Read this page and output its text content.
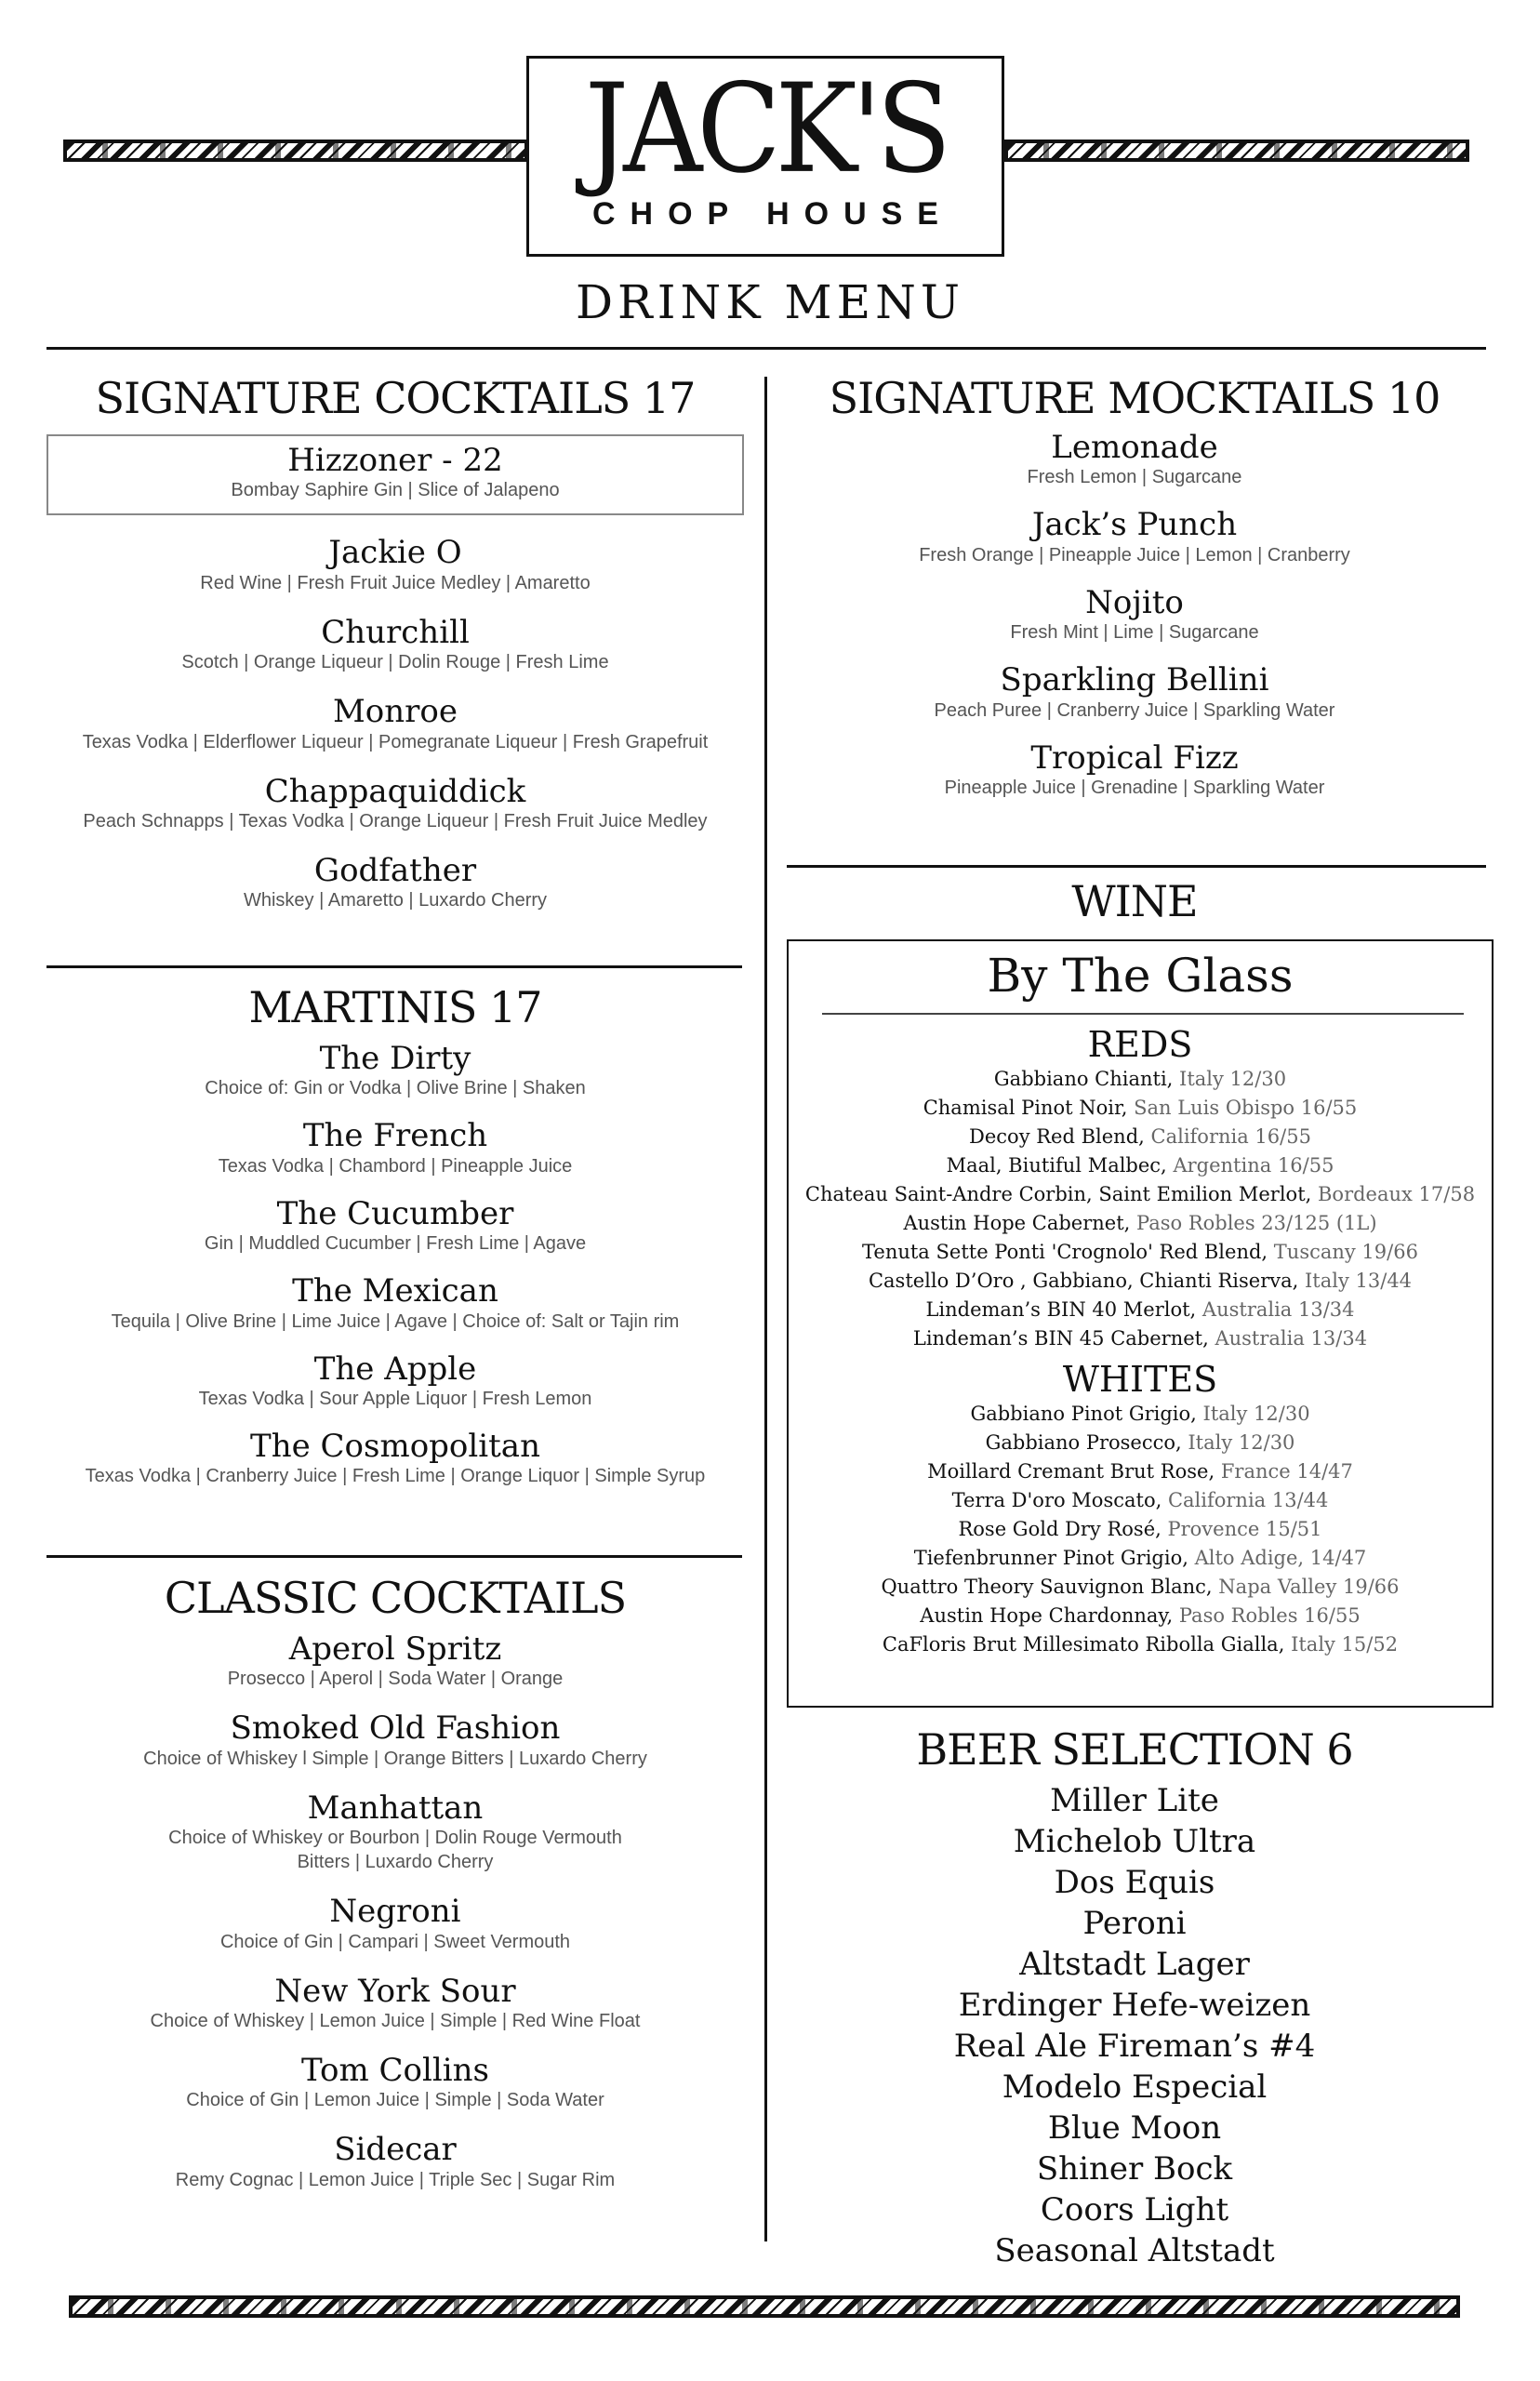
JACK'S
CHOP HOUSE
DRINK MENU
SIGNATURE COCKTAILS 17
Hizzoner - 22
Bombay Saphire Gin | Slice of Jalapeno
Jackie O
Red Wine | Fresh Fruit Juice Medley | Amaretto
Churchill
Scotch | Orange Liqueur | Dolin Rouge | Fresh Lime
Monroe
Texas Vodka | Elderflower Liqueur | Pomegranate Liqueur | Fresh Grapefruit
Chappaquiddick
Peach Schnapps | Texas Vodka | Orange Liqueur | Fresh Fruit Juice Medley
Godfather
Whiskey | Amaretto | Luxardo Cherry
MARTINIS 17
The Dirty
Choice of: Gin or Vodka | Olive Brine | Shaken
The French
Texas Vodka | Chambord | Pineapple Juice
The Cucumber
Gin | Muddled Cucumber | Fresh Lime | Agave
The Mexican
Tequila | Olive Brine | Lime Juice | Agave | Choice of: Salt or Tajin rim
The Apple
Texas Vodka | Sour Apple Liquor | Fresh Lemon
The Cosmopolitan
Texas Vodka | Cranberry Juice | Fresh Lime | Orange Liquor | Simple Syrup
CLASSIC COCKTAILS
Aperol Spritz
Prosecco | Aperol | Soda Water | Orange
Smoked Old Fashion
Choice of Whiskey l Simple | Orange Bitters | Luxardo Cherry
Manhattan
Choice of Whiskey or Bourbon | Dolin Rouge Vermouth
Bitters | Luxardo Cherry
Negroni
Choice of Gin | Campari | Sweet Vermouth
New York Sour
Choice of Whiskey | Lemon Juice | Simple | Red Wine Float
Tom Collins
Choice of Gin | Lemon Juice | Simple | Soda Water
Sidecar
Remy Cognac | Lemon Juice | Triple Sec | Sugar Rim
SIGNATURE MOCKTAILS 10
Lemonade
Fresh Lemon | Sugarcane
Jack’s Punch
Fresh Orange | Pineapple Juice | Lemon | Cranberry
Nojito
Fresh Mint | Lime | Sugarcane
Sparkling Bellini
Peach Puree | Cranberry Juice | Sparkling Water
Tropical Fizz
Pineapple Juice | Grenadine | Sparkling Water
WINE
By The Glass
REDS
Gabbiano Chianti, Italy 12/30
Chamisal Pinot Noir, San Luis Obispo 16/55
Decoy Red Blend, California 16/55
Maal, Biutiful Malbec, Argentina 16/55
Chateau Saint-Andre Corbin, Saint Emilion Merlot, Bordeaux 17/58
Austin Hope Cabernet, Paso Robles 23/125 (1L)
Tenuta Sette Ponti 'Crognolo' Red Blend, Tuscany 19/66
Castello D’Oro , Gabbiano, Chianti Riserva, Italy 13/44
Lindeman’s BIN 40 Merlot, Australia 13/34
Lindeman’s BIN 45 Cabernet, Australia 13/34
WHITES
Gabbiano Pinot Grigio, Italy 12/30
Gabbiano Prosecco, Italy 12/30
Moillard Cremant Brut Rose, France 14/47
Terra D'oro Moscato, California 13/44
Rose Gold Dry Rosé, Provence 15/51
Tiefenbrunner Pinot Grigio, Alto Adige, 14/47
Quattro Theory Sauvignon Blanc, Napa Valley 19/66
Austin Hope Chardonnay, Paso Robles 16/55
CaFloris Brut Millesimato Ribolla Gialla, Italy 15/52
BEER SELECTION 6
Miller Lite
Michelob Ultra
Dos Equis
Peroni
Altstadt Lager
Erdinger Hefe-weizen
Real Ale Fireman’s #4
Modelo Especial
Blue Moon
Shiner Bock
Coors Light
Seasonal Altstadt
